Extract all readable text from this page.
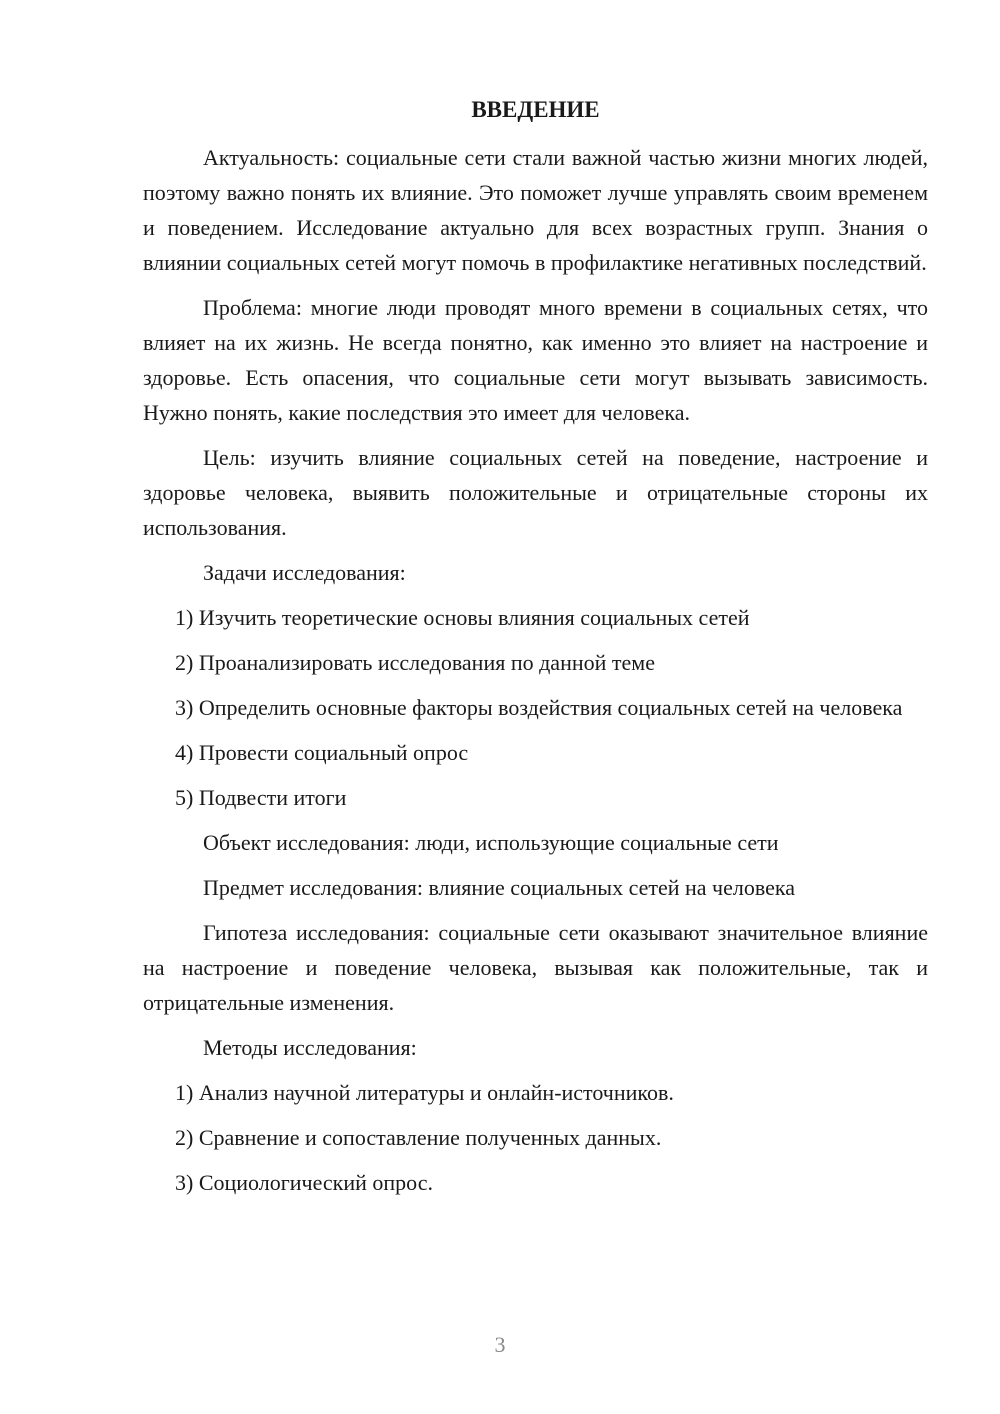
ВВЕДЕНИЕ

Актуальность: социальные сети стали важной частью жизни многих людей, поэтому важно понять их влияние. Это поможет лучше управлять своим временем и поведением. Исследование актуально для всех возрастных групп. Знания о влиянии социальных сетей могут помочь в профилактике негативных последствий.

Проблема: многие люди проводят много времени в социальных сетях, что влияет на их жизнь. Не всегда понятно, как именно это влияет на настроение и здоровье. Есть опасения, что социальные сети могут вызывать зависимость. Нужно понять, какие последствия это имеет для человека.

Цель: изучить влияние социальных сетей на поведение, настроение и здоровье человека, выявить положительные и отрицательные стороны их использования.

Задачи исследования:

1) Изучить теоретические основы влияния социальных сетей

2) Проанализировать исследования по данной теме

3) Определить основные факторы воздействия социальных сетей на человека

4) Провести социальный опрос

5) Подвести итоги

Объект исследования: люди, использующие социальные сети
Предмет исследования: влияние социальных сетей на человека

Гипотеза исследования: социальные сети оказывают значительное влияние на настроение и поведение человека, вызывая как положительные, так и отрицательные изменения.

Методы исследования:

1) Анализ научной литературы и онлайн-источников.

2) Сравнение и сопоставление полученных данных.

3) Социологический опрос.

3
